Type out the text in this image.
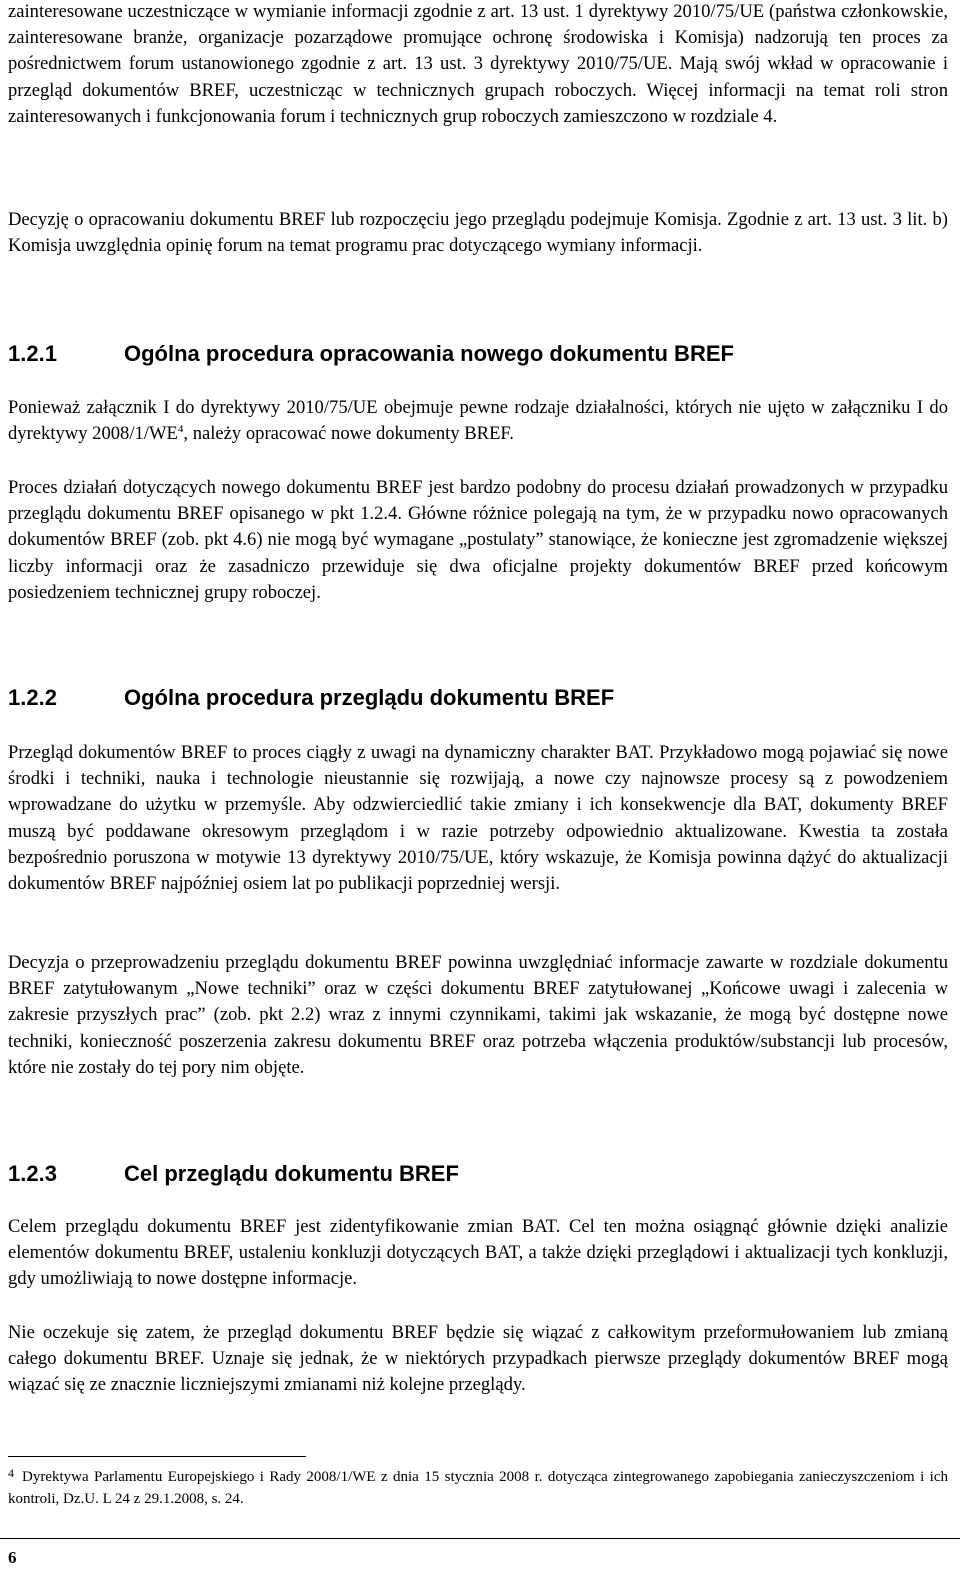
zainteresowane uczestniczące w wymianie informacji zgodnie z art. 13 ust. 1 dyrektywy 2010/75/UE (państwa członkowskie, zainteresowane branże, organizacje pozarządowe promujące ochronę środowiska i Komisja) nadzorują ten proces za pośrednictwem forum ustanowionego zgodnie z art. 13 ust. 3 dyrektywy 2010/75/UE. Mają swój wkład w opracowanie i przegląd dokumentów BREF, uczestnicząc w technicznych grupach roboczych. Więcej informacji na temat roli stron zainteresowanych i funkcjonowania forum i technicznych grup roboczych zamieszczono w rozdziale 4.

Decyzję o opracowaniu dokumentu BREF lub rozpoczęciu jego przeglądu podejmuje Komisja. Zgodnie z art. 13 ust. 3 lit. b) Komisja uwzględnia opinię forum na temat programu prac dotyczącego wymiany informacji.

1.2.1	Ogólna procedura opracowania nowego dokumentu BREF

Ponieważ załącznik I do dyrektywy 2010/75/UE obejmuje pewne rodzaje działalności, których nie ujęto w załączniku I do dyrektywy $2008/1/WE^4$, należy opracować nowe dokumenty BREF.

Proces działań dotyczących nowego dokumentu BREF jest bardzo podobny do procesu działań prowadzonych w przypadku przeglądu dokumentu BREF opisanego w pkt 1.2.4. Główne różnice polegają na tym, że w przypadku nowo opracowanych dokumentów BREF (zob. pkt 4.6) nie mogą być wymagane „postulaty” stanowiące, że konieczne jest zgromadzenie większej liczby informacji oraz że zasadniczo przewiduje się dwa oficjalne projekty dokumentów BREF przed końcowym posiedzeniem technicznej grupy roboczej.

1.2.2	Ogólna procedura przeglądu dokumentu BREF

Przegląd dokumentów BREF to proces ciągły z uwagi na dynamiczny charakter BAT. Przykładowo mogą pojawiać się nowe środki i techniki, nauka i technologie nieustannie się rozwijają, a nowe czy najnowsze procesy są z powodzeniem wprowadzane do użytku w przemyśle. Aby odzwierciedlić takie zmiany i ich konsekwencje dla BAT, dokumenty BREF muszą być poddawane okresowym przeglądom i w razie potrzeby odpowiednio aktualizowane. Kwestia ta została bezpośrednio poruszona w motywie 13 dyrektywy 2010/75/UE, który wskazuje, że Komisja powinna dążyć do aktualizacji dokumentów BREF najpóźniej osiem lat po publikacji poprzedniej wersji.

Decyzja o przeprowadzeniu przeglądu dokumentu BREF powinna uwzględniać informacje zawarte w rozdziale dokumentu BREF zatytułowanym „Nowe techniki” oraz w części dokumentu BREF zatytułowanej „Końcowe uwagi i zalecenia w zakresie przyszłych prac” (zob. pkt 2.2) wraz z innymi czynnikami, takimi jak wskazanie, że mogą być dostępne nowe techniki, konieczność poszerzenia zakresu dokumentu BREF oraz potrzeba włączenia produktów/substancji lub procesów, które nie zostały do tej pory nim objęte.

1.2.3	Cel przeglądu dokumentu BREF

Celem przeglądu dokumentu BREF jest zidentyfikowanie zmian BAT. Cel ten można osiągnąć głównie dzięki analizie elementów dokumentu BREF, ustaleniu konkluzji dotyczących BAT, a także dzięki przeglądowi i aktualizacji tych konkluzji, gdy umożliwiają to nowe dostępne informacje.

Nie oczekuje się zatem, że przegląd dokumentu BREF będzie się wiązać z całkowitym przeformułowaniem lub zmianą całego dokumentu BREF. Uznaje się jednak, że w niektórych przypadkach pierwsze przeglądy dokumentów BREF mogą wiązać się ze znacznie liczniejszymi zmianami niż kolejne przeglądy.

$^4$ Dyrektywa Parlamentu Europejskiego i Rady 2008/1/WE z dnia 15 stycznia 2008 r. dotycząca zintegrowanego zapobiegania zanieczyszczeniom i ich kontroli, Dz.U. L 24 z 29.1.2008, s. 24.
6
